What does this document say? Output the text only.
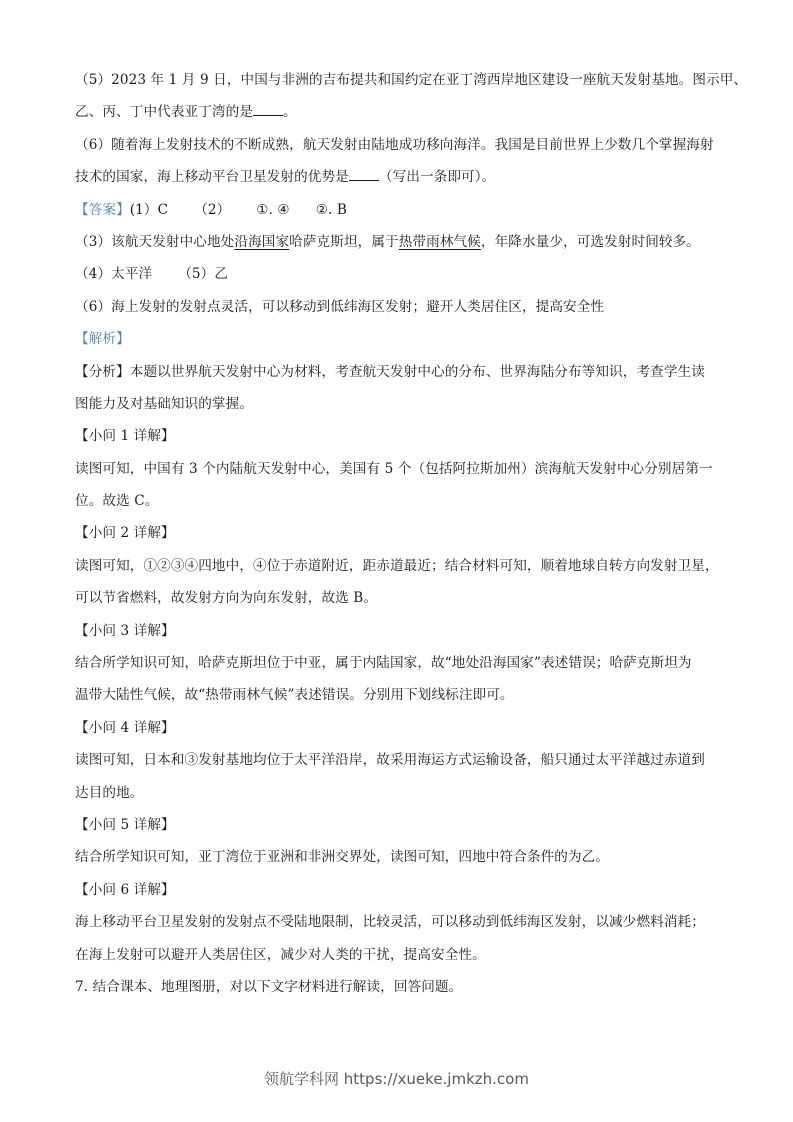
（5）2023 年 1 月 9 日，中国与非洲的吉布提共和国约定在亚丁湾西岸地区建设一座航天发射基地。图示甲、
乙、丙、丁中代表亚丁湾的是 。
（6）随着海上发射技术的不断成熟，航天发射由陆地成功移向海洋。我国是目前世界上少数几个掌握海射
技术的国家，海上移动平台卫星发射的优势是 （写出一条即可）。
【答案】(1）C （2） ①. ④ ②. B
（3）该航天发射中心地处沿海国家哈萨克斯坦，属于热带雨林气候，年降水量少，可选发射时间较多。
（4）太平洋 （5）乙
（6）海上发射的发射点灵活，可以移动到低纬海区发射；避开人类居住区，提高安全性
【解析】
【分析】本题以世界航天发射中心为材料，考查航天发射中心的分布、世界海陆分布等知识，考查学生读
图能力及对基础知识的掌握。
【小问 1 详解】
读图可知，中国有 3 个内陆航天发射中心，美国有 5 个（包括阿拉斯加州）滨海航天发射中心分别居第一
位。故选 C。
【小问 2 详解】
读图可知，①②③④四地中，④位于赤道附近，距赤道最近；结合材料可知，顺着地球自转方向发射卫星，
可以节省燃料，故发射方向为向东发射，故选 B。
【小问 3 详解】
结合所学知识可知，哈萨克斯坦位于中亚，属于内陆国家，故“地处沿海国家”表述错误；哈萨克斯坦为
温带大陆性气候，故“热带雨林气候”表述错误。分别用下划线标注即可。
【小问 4 详解】
读图可知，日本和③发射基地均位于太平洋沿岸，故采用海运方式运输设备，船只通过太平洋越过赤道到
达目的地。
【小问 5 详解】
结合所学知识可知，亚丁湾位于亚洲和非洲交界处，读图可知，四地中符合条件的为乙。
【小问 6 详解】
海上移动平台卫星发射的发射点不受陆地限制，比较灵活，可以移动到低纬海区发射，以减少燃料消耗；
在海上发射可以避开人类居住区，减少对人类的干扰，提高安全性。
7. 结合课本、地理图册，对以下文字材料进行解读，回答问题。
领航学科网 https://xueke.jmkzh.com
